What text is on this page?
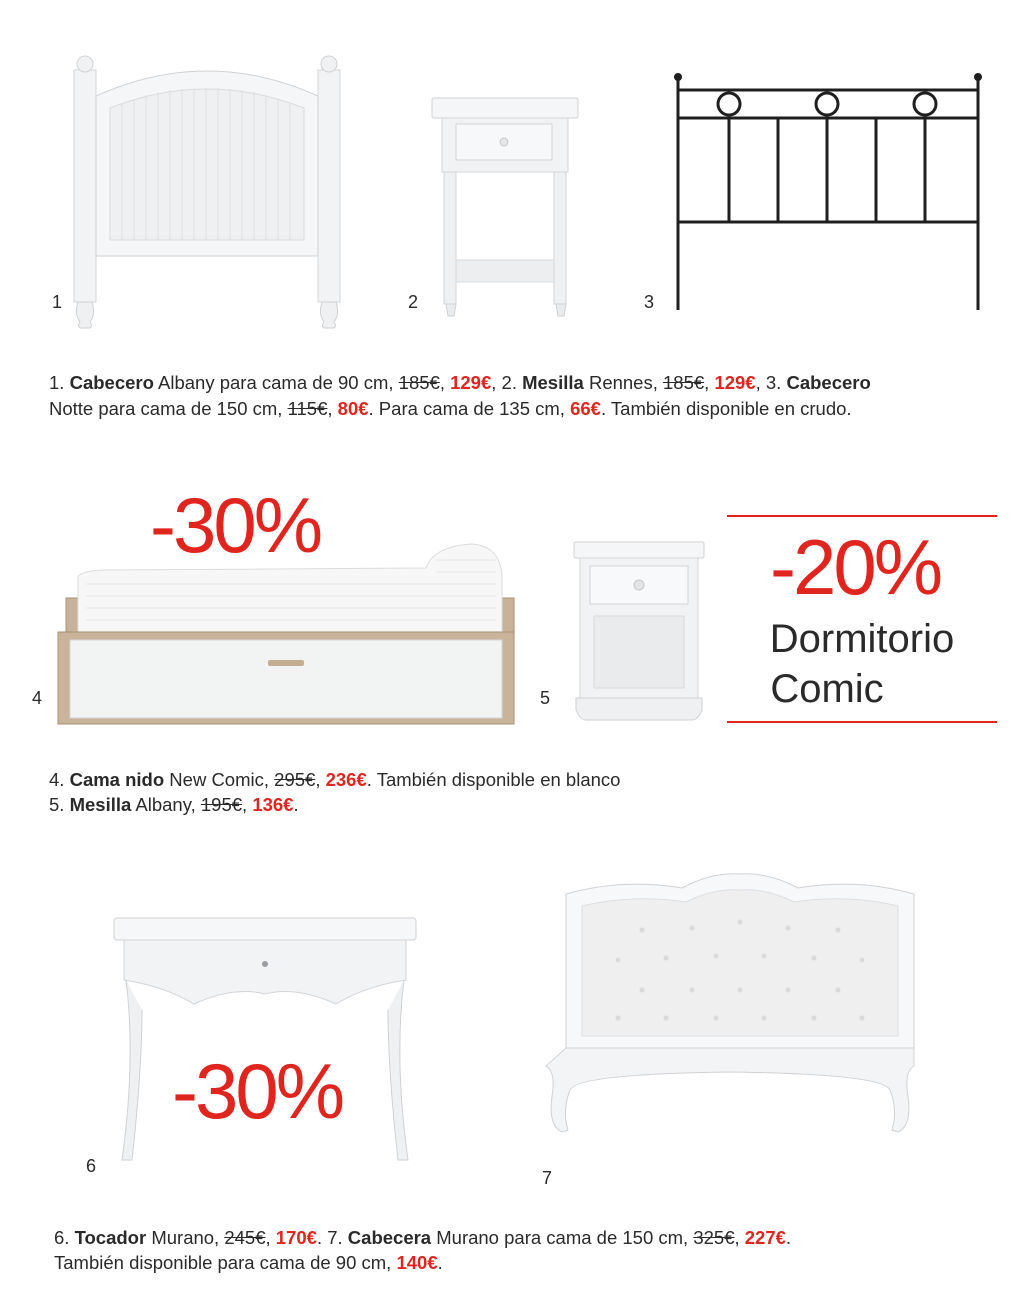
1	2	3
1. Cabecero Albany para cama de 90 cm, 185€, 129€, 2. Mesilla Rennes, 185€, 129€, 3. Cabecero
Notte para cama de 150 cm, 115€, 80€. Para cama de 135 cm, 66€. También disponible en crudo.
-30%
4	5
-20%
Dormitorio
Comic
4. Cama nido New Comic, 295€, 236€. También disponible en blanco
5. Mesilla Albany, 195€, 136€.
-30%
6
7
6. Tocador Murano, 245€, 170€. 7. Cabecera Murano para cama de 150 cm, 325€, 227€.
También disponible para cama de 90 cm, 140€.
